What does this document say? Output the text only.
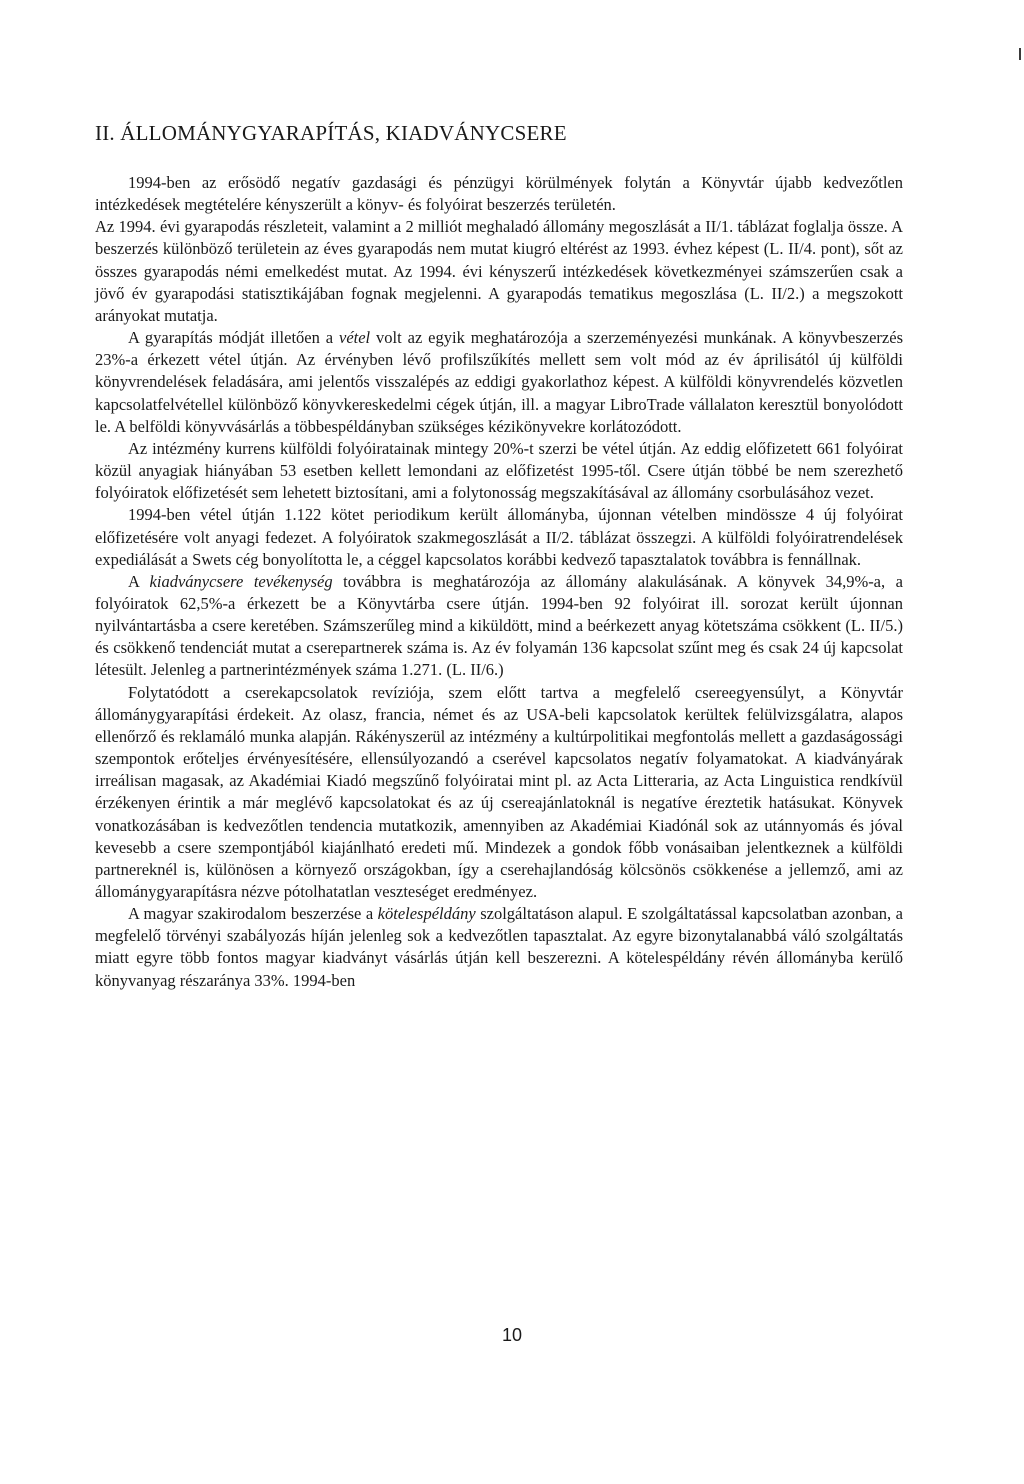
II. ÁLLOMÁNYGYARAPÍTÁS, KIADVÁNYCSERE

1994-ben az erősödő negatív gazdasági és pénzügyi körülmények folytán a Könyvtár újabb kedvezőtlen intézkedések megtételére kényszerült a könyv- és folyóirat beszerzés területén.

Az 1994. évi gyarapodás részleteit, valamint a 2 milliót meghaladó állomány megoszlását a II/1. táblázat foglalja össze. A beszerzés különböző területein az éves gyarapodás nem mutat kiugró eltérést az 1993. évhez képest (L. II/4. pont), sőt az összes gyarapodás némi emelkedést mutat. Az 1994. évi kényszerű intézkedések következményei számszerűen csak a jövő év gyarapodási statisztikájában fognak megjelenni. A gyarapodás tematikus megoszlása (L. II/2.) a megszokott arányokat mutatja.

A gyarapítás módját illetően a vétel volt az egyik meghatározója a szerzeményezési munkának. A könyvbeszerzés 23%-a érkezett vétel útján. Az érvényben lévő profilszűkítés mellett sem volt mód az év áprilisától új külföldi könyvrendelések feladására, ami jelentős visszalépés az eddigi gyakorlathoz képest. A külföldi könyvrendelés közvetlen kapcsolatfelvétellel különböző könyvkereskedelmi cégek útján, ill. a magyar LibroTrade vállalaton keresztül bonyolódott le. A belföldi könyvvásárlás a többespéldányban szükséges kézikönyvekre korlátozódott.

Az intézmény kurrens külföldi folyóiratainak mintegy 20%-t szerzi be vétel útján. Az eddig előfizetett 661 folyóirat közül anyagiak hiányában 53 esetben kellett lemondani az előfizetést 1995-től. Csere útján többé be nem szerezhető folyóiratok előfizetését sem lehetett biztosítani, ami a folytonosság megszakításával az állomány csorbulásához vezet.

1994-ben vétel útján 1.122 kötet periodikum került állományba, újonnan vételben mindössze 4 új folyóirat előfizetésére volt anyagi fedezet. A folyóiratok szakmegoszlását a II/2. táblázat összegzi. A külföldi folyóiratrendelések expediálását a Swets cég bonyolította le, a céggel kapcsolatos korábbi kedvező tapasztalatok továbbra is fennállnak.

A kiadványcsere tevékenység továbbra is meghatározója az állomány alakulásának. A könyvek 34,9%-a, a folyóiratok 62,5%-a érkezett be a Könyvtárba csere útján. 1994-ben 92 folyóirat ill. sorozat került újonnan nyilvántartásba a csere keretében. Számszerűleg mind a kiküldött, mind a beérkezett anyag kötetszáma csökkent (L. II/5.) és csökkenő tendenciát mutat a cserepartnerek száma is. Az év folyamán 136 kapcsolat szűnt meg és csak 24 új kapcsolat létesült. Jelenleg a partnerintézmények száma 1.271. (L. II/6.)

Folytatódott a cserekapcsolatok revíziója, szem előtt tartva a megfelelő csereegyensúlyt, a Könyvtár állománygyarapítási érdekeit. Az olasz, francia, német és az USA-beli kapcsolatok kerültek felülvizsgálatra, alapos ellenőrző és reklamáló munka alapján. Rákényszerül az intézmény a kultúrpolitikai megfontolás mellett a gazdaságossági szempontok erőteljes érvényesítésére, ellensúlyozandó a cserével kapcsolatos negatív folyamatokat. A kiadványárak irreálisan magasak, az Akadémiai Kiadó megszűnő folyóiratai mint pl. az Acta Litteraria, az Acta Linguistica rendkívül érzékenyen érintik a már meglévő kapcsolatokat és az új csereajánlatoknál is negatíve éreztetik hatásukat. Könyvek vonatkozásában is kedvezőtlen tendencia mutatkozik, amennyiben az Akadémiai Kiadónál sok az utánnyomás és jóval kevesebb a csere szempontjából kiajánlható eredeti mű. Mindezek a gondok főbb vonásaiban jelentkeznek a külföldi partnereknél is, különösen a környező országokban, így a cserehajlandóság kölcsönös csökkenése a jellemző, ami az állománygyarapításra nézve pótolhatatlan veszteséget eredményez.

A magyar szakirodalom beszerzése a kötelespéldány szolgáltatáson alapul. E szolgáltatással kapcsolatban azonban, a megfelelő törvényi szabályozás híján jelenleg sok a kedvezőtlen tapasztalat. Az egyre bizonytalanabbá váló szolgáltatás miatt egyre több fontos magyar kiadványt vásárlás útján kell beszerezni. A kötelespéldány révén állományba kerülő könyvanyag részaránya 33%. 1994-ben

10
